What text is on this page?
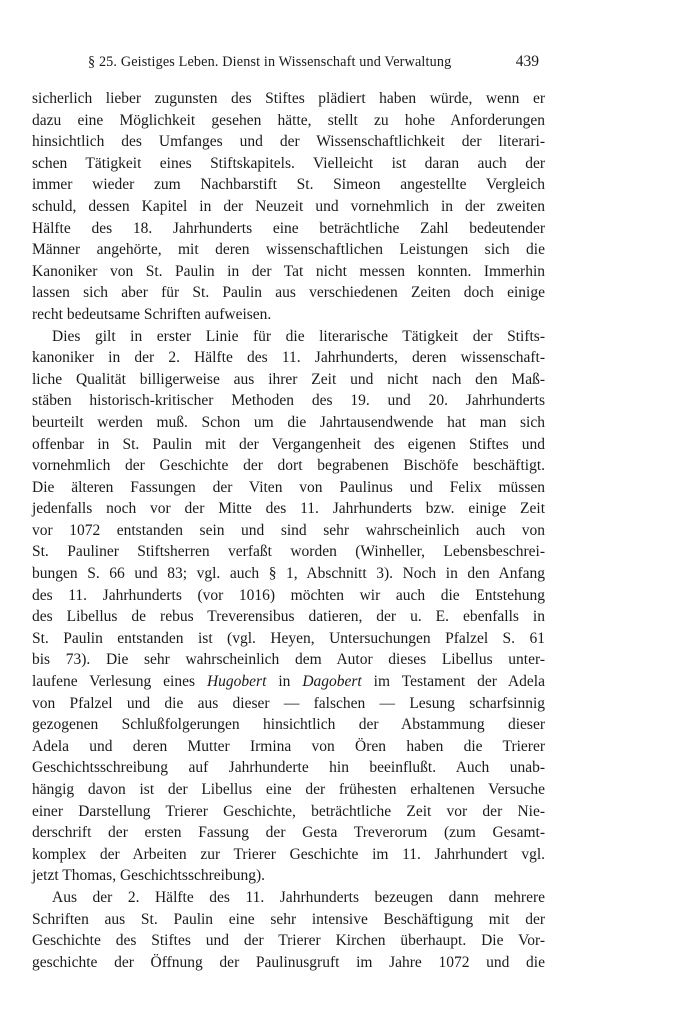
§ 25. Geistiges Leben. Dienst in Wissenschaft und Verwaltung	439
sicherlich lieber zugunsten des Stiftes plädiert haben würde, wenn er
dazu eine Möglichkeit gesehen hätte, stellt zu hohe Anforderungen
hinsichtlich des Umfanges und der Wissenschaftlichkeit der literari-
schen Tätigkeit eines Stiftskapitels. Vielleicht ist daran auch der
immer wieder zum Nachbarstift St. Simeon angestellte Vergleich
schuld, dessen Kapitel in der Neuzeit und vornehmlich in der zweiten
Hälfte des 18. Jahrhunderts eine beträchtliche Zahl bedeutender
Männer angehörte, mit deren wissenschaftlichen Leistungen sich die
Kanoniker von St. Paulin in der Tat nicht messen konnten. Immerhin
lassen sich aber für St. Paulin aus verschiedenen Zeiten doch einige
recht bedeutsame Schriften aufweisen.
Dies gilt in erster Linie für die literarische Tätigkeit der Stifts-
kanoniker in der 2. Hälfte des 11. Jahrhunderts, deren wissenschaft-
liche Qualität billigerweise aus ihrer Zeit und nicht nach den Maß-
stäben historisch-kritischer Methoden des 19. und 20. Jahrhunderts
beurteilt werden muß. Schon um die Jahrtausendwende hat man sich
offenbar in St. Paulin mit der Vergangenheit des eigenen Stiftes und
vornehmlich der Geschichte der dort begrabenen Bischöfe beschäftigt.
Die älteren Fassungen der Viten von Paulinus und Felix müssen
jedenfalls noch vor der Mitte des 11. Jahrhunderts bzw. einige Zeit
vor 1072 entstanden sein und sind sehr wahrscheinlich auch von
St. Pauliner Stiftsherren verfaßt worden (Winheller, Lebensbeschrei-
bungen S. 66 und 83; vgl. auch § 1, Abschnitt 3). Noch in den Anfang
des 11. Jahrhunderts (vor 1016) möchten wir auch die Entstehung
des Libellus de rebus Treverensibus datieren, der u. E. ebenfalls in
St. Paulin entstanden ist (vgl. Heyen, Untersuchungen Pfalzel S. 61
bis 73). Die sehr wahrscheinlich dem Autor dieses Libellus unter-
laufene Verlesung eines Hugobert in Dagobert im Testament der Adela
von Pfalzel und die aus dieser — falschen — Lesung scharfsinnig
gezogenen Schlußfolgerungen hinsichtlich der Abstammung dieser
Adela und deren Mutter Irmina von Ören haben die Trierer
Geschichtsschreibung auf Jahrhunderte hin beeinflußt. Auch unab-
hängig davon ist der Libellus eine der frühesten erhaltenen Versuche
einer Darstellung Trierer Geschichte, beträchtliche Zeit vor der Nie-
derschrift der ersten Fassung der Gesta Treverorum (zum Gesamt-
komplex der Arbeiten zur Trierer Geschichte im 11. Jahrhundert vgl.
jetzt Thomas, Geschichtsschreibung).
Aus der 2. Hälfte des 11. Jahrhunderts bezeugen dann mehrere
Schriften aus St. Paulin eine sehr intensive Beschäftigung mit der
Geschichte des Stiftes und der Trierer Kirchen überhaupt. Die Vor-
geschichte der Öffnung der Paulinusgruft im Jahre 1072 und die
